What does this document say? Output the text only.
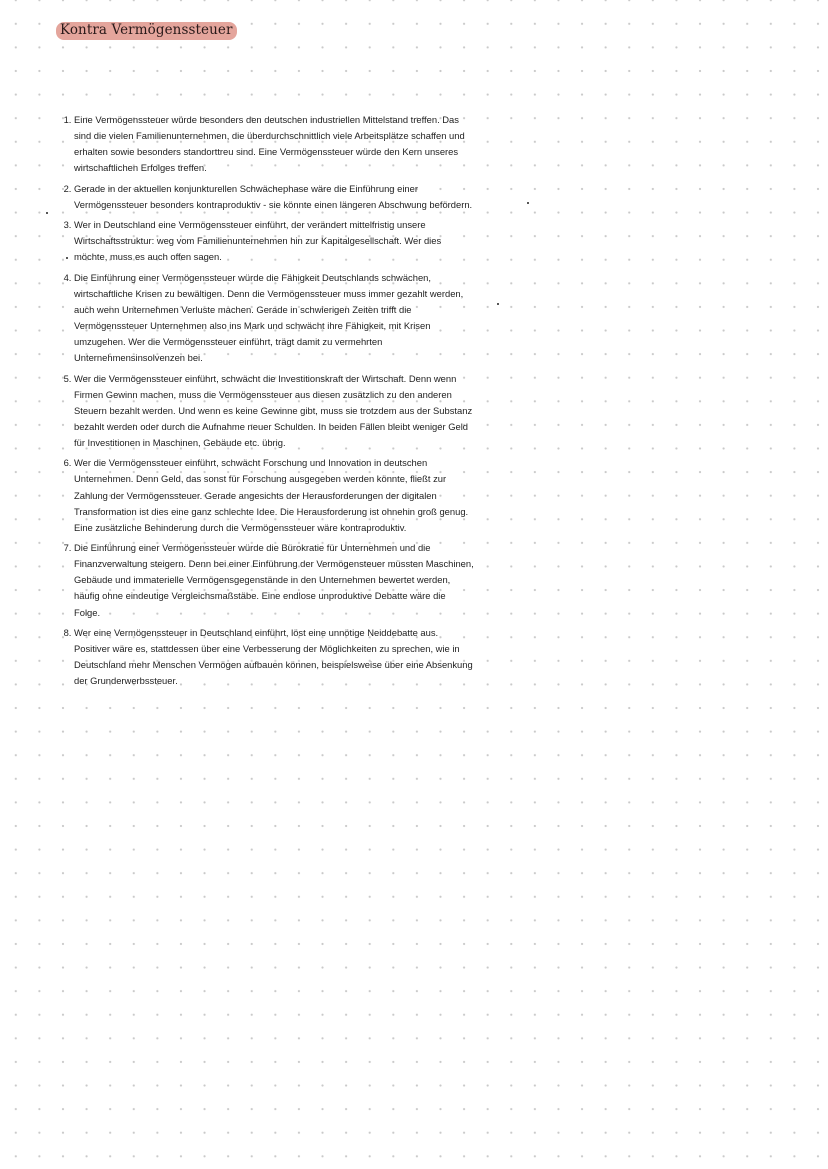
Kontra Vermögenssteuer
1. Eine Vermögenssteuer würde besonders den deutschen industriellen Mittelstand treffen. Das sind die vielen Familienunternehmen, die überdurchschnittlich viele Arbeitsplätze schaffen und erhalten sowie besonders standorttreu sind. Eine Vermögenssteuer würde den Kern unseres wirtschaftlichen Erfolges treffen.
2. Gerade in der aktuellen konjunkturellen Schwächephase wäre die Einführung einer Vermögenssteuer besonders kontraproduktiv - sie könnte einen längeren Abschwung befördern.
3. Wer in Deutschland eine Vermögenssteuer einführt, der verändert mittelfristig unsere Wirtschaftsstruktur: weg vom Familienunternehmen hin zur Kapitalgesellschaft. Wer dies möchte, muss es auch offen sagen.
4. Die Einführung einer Vermögenssteuer würde die Fähigkeit Deutschlands schwächen, wirtschaftliche Krisen zu bewältigen. Denn die Vermögenssteuer muss immer gezahlt werden, auch wenn Unternehmen Verluste machen. Gerade in schwierigen Zeiten trifft die Vermögenssteuer Unternehmen also ins Mark und schwächt ihre Fähigkeit, mit Krisen umzugehen. Wer die Vermögenssteuer einführt, trägt damit zu vermehrten Unternehmensinsolvenzen bei.
5. Wer die Vermögenssteuer einführt, schwächt die Investitionskraft der Wirtschaft. Denn wenn Firmen Gewinn machen, muss die Vermögenssteuer aus diesen zusätzlich zu den anderen Steuern bezahlt werden. Und wenn es keine Gewinne gibt, muss sie trotzdem aus der Substanz bezahlt werden oder durch die Aufnahme neuer Schulden. In beiden Fällen bleibt weniger Geld für Investitionen in Maschinen, Gebäude etc. übrig.
6. Wer die Vermögenssteuer einführt, schwächt Forschung und Innovation in deutschen Unternehmen. Denn Geld, das sonst für Forschung ausgegeben werden könnte, fließt zur Zahlung der Vermögenssteuer. Gerade angesichts der Herausforderungen der digitalen Transformation ist dies eine ganz schlechte Idee. Die Herausforderung ist ohnehin groß genug. Eine zusätzliche Behinderung durch die Vermögenssteuer wäre kontraproduktiv.
7. Die Einführung einer Vermögenssteuer würde die Bürokratie für Unternehmen und die Finanzverwaltung steigern. Denn bei einer Einführung der Vermögensteuer müssten Maschinen, Gebäude und immaterielle Vermögensgegenstände in den Unternehmen bewertet werden, häufig ohne eindeutige Vergleichsmaßstäbe. Eine endlose unproduktive Debatte wäre die Folge.
8. Wer eine Vermögenssteuer in Deutschland einführt, löst eine unnötige Neiddebatte aus. Positiver wäre es, stattdessen über eine Verbesserung der Möglichkeiten zu sprechen, wie in Deutschland mehr Menschen Vermögen aufbauen können, beispielsweise über eine Absenkung der Grunderwerbssteuer.
